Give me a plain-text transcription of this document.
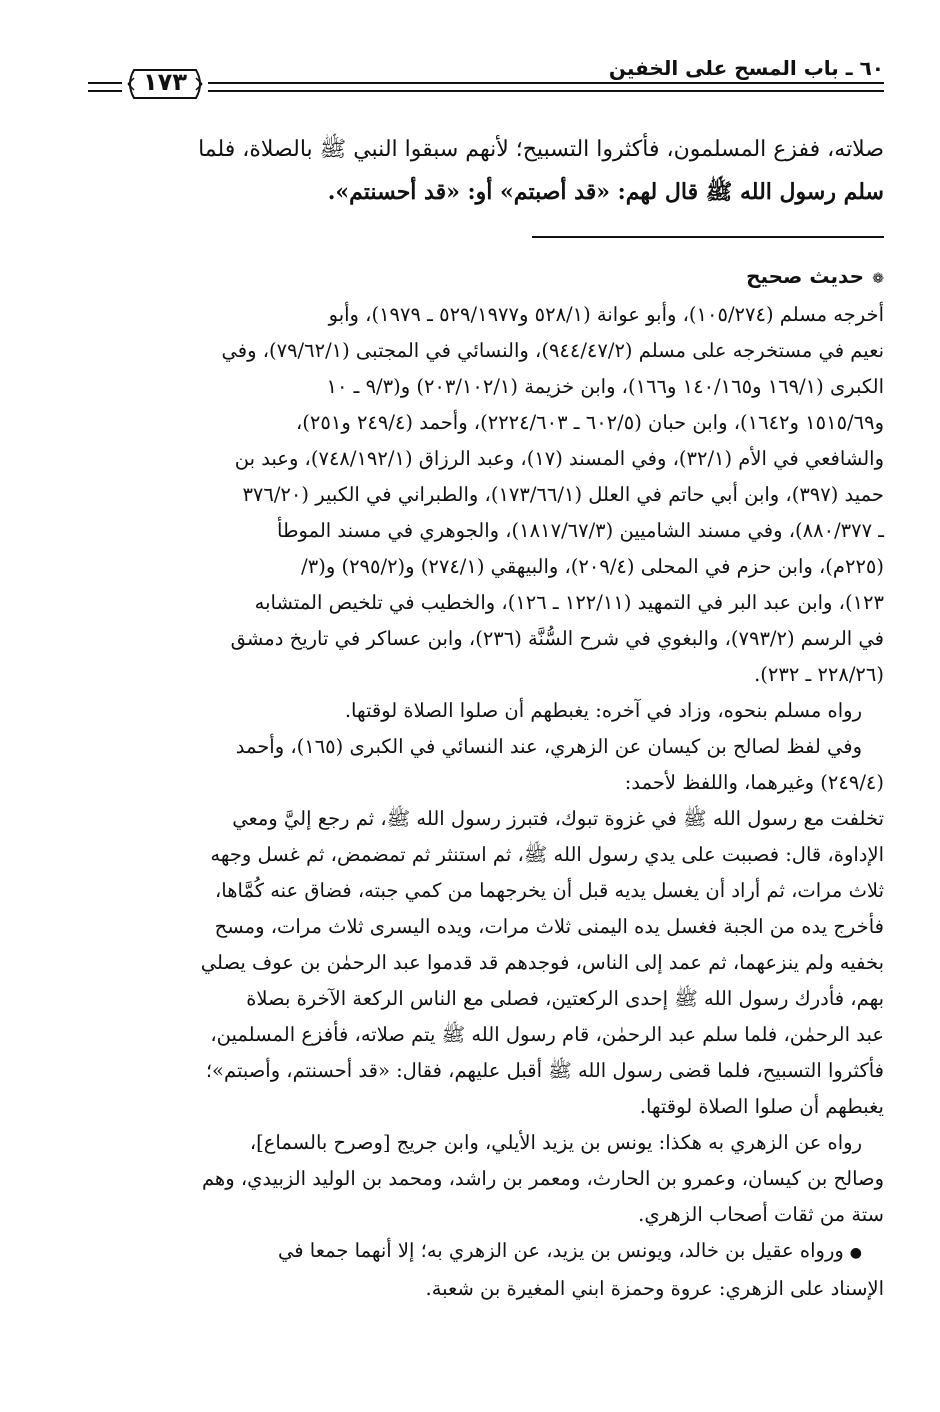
١٧٣	٦٠ ـ باب المسح على الخفين

صلاته، ففزع المسلمون، فأكثروا التسبيح؛ لأنهم سبقوا النبي ﷺ بالصلاة، فلما

سلم رسول الله ﷺ قال لهم: «قد أصبتم» أو: «قد أحسنتم».

❁حديث صحيح

أخرجه مسلم (١٠٥/٢٧٤)، وأبو عوانة (٥٢٨/١ و٥٢٩/١٩٧٧ ـ ١٩٧٩)، وأبو

نعيم في مستخرجه على مسلم (٩٤٤/٤٧/٢)، والنسائي في المجتبى (٧٩/٦٢/١)، وفي

الكبرى (١٦٩/١ و١٤٠/١٦٥ و١٦٦)، وابن خزيمة (٢٠٣/١٠٢/١) و(٩/٣ ـ ١٠

و١٥١٥/٦٩ و١٦٤٢)، وابن حبان (٦٠٢/٥ ـ ٢٢٢٤/٦٠٣)، وأحمد (٢٤٩/٤ و٢٥١)،

والشافعي في الأم (٣٢/١)، وفي المسند (١٧)، وعبد الرزاق (٧٤٨/١٩٢/١)، وعبد بن

حميد (٣٩٧)، وابن أبي حاتم في العلل (١٧٣/٦٦/١)، والطبراني في الكبير (٣٧٦/٢٠

ـ ٨٨٠/٣٧٧)، وفي مسند الشاميين (١٨١٧/٦٧/٣)، والجوهري في مسند الموطأ

(٢٢٥م)، وابن حزم في المحلى (٢٠٩/٤)، والبيهقي (٢٧٤/١) و(٢٩٥/٢) و(٣/

١٢٣)، وابن عبد البر في التمهيد (١٢٢/١١ ـ ١٢٦)، والخطيب في تلخيص المتشابه

في الرسم (٧٩٣/٢)، والبغوي في شرح السُّنَّة (٢٣٦)، وابن عساكر في تاريخ دمشق

(٢٢٨/٢٦ ـ ٢٣٢).

رواه مسلم بنحوه، وزاد في آخره: يغبطهم أن صلوا الصلاة لوقتها.

وفي لفظ لصالح بن كيسان عن الزهري، عند النسائي في الكبرى (١٦٥)، وأحمد

(٢٤٩/٤) وغيرهما، واللفظ لأحمد:

تخلفت مع رسول الله ﷺ في غزوة تبوك، فتبرز رسول الله ﷺ، ثم رجع إليَّ ومعي

الإداوة، قال: فصببت على يدي رسول الله ﷺ، ثم استنثر ثم تمضمض، ثم غسل وجهه

ثلاث مرات، ثم أراد أن يغسل يديه قبل أن يخرجهما من كمي جبته، فضاق عنه كُمَّاها،

فأخرج يده من الجبة فغسل يده اليمنى ثلاث مرات، ويده اليسرى ثلاث مرات، ومسح

بخفيه ولم ينزعهما، ثم عمد إلى الناس، فوجدهم قد قدموا عبد الرحمٰن بن عوف يصلي

بهم، فأدرك رسول الله ﷺ إحدى الركعتين، فصلى مع الناس الركعة الآخرة بصلاة

عبد الرحمٰن، فلما سلم عبد الرحمٰن، قام رسول الله ﷺ يتم صلاته، فأفزع المسلمين،

فأكثروا التسبيح، فلما قضى رسول الله ﷺ أقبل عليهم، فقال: «قد أحسنتم، وأصبتم»؛

يغبطهم أن صلوا الصلاة لوقتها.

رواه عن الزهري به هكذا: يونس بن يزيد الأيلي، وابن جريج [وصرح بالسماع]،

وصالح بن كيسان، وعمرو بن الحارث، ومعمر بن راشد، ومحمد بن الوليد الزبيدي، وهم

ستة من ثقات أصحاب الزهري.

●ورواه عقيل بن خالد، ويونس بن يزيد، عن الزهري به؛ إلا أنهما جمعا في

الإسناد على الزهري: عروة وحمزة ابني المغيرة بن شعبة.
